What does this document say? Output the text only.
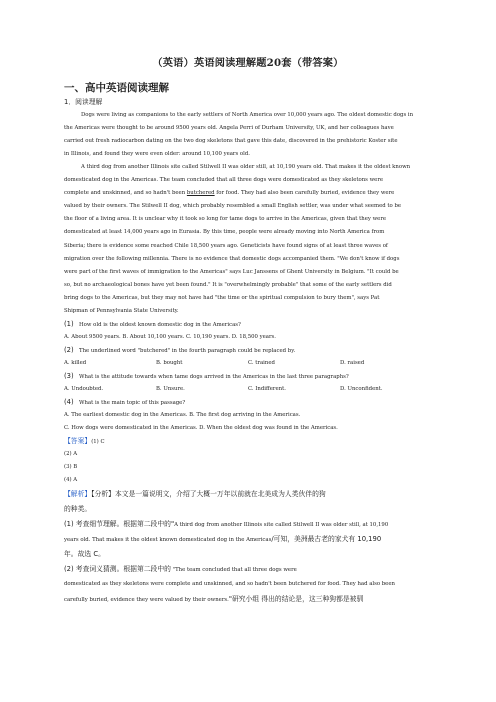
（英语）英语阅读理解题20套（带答案）
一、高中英语阅读理解
1．阅读理解
Dogs were living as companions to the early settlers of North America over 10,000 years ago. The oldest domestic dogs in
the Americas were thought to be around 9500 years old. Angela Perri of Durham University, UK, and her colleagues have
carried out fresh radiocarbon dating on the two dog skeletons that gave this date, discovered in the prehistoric Koster site
in Illinois, and found they were even older: around 10,100 years old.
A third dog from another Illinois site called Stilwell II was older still, at 10,190 years old. That makes it the oldest known
domesticated dog in the Americas. The team concluded that all three dogs were domesticated as they skeletons were
complete and unskinned, and so hadn't been butchered for food. They had also been carefully buried, evidence they were
valued by their owners. The Stilwell II dog, which probably resembled a small English settler, was under what seemed to be
the floor of a living area. It is unclear why it took so long for tame dogs to arrive in the Americas, given that they were
domesticated at least 14,000 years ago in Eurasia. By this time, people were already moving into North America from
Siberia; there is evidence some reached Chile 18,500 years ago. Geneticists have found signs of at least three waves of
migration over the following millennia. There is no evidence that domestic dogs accompanied them. "We don't know if dogs
were part of the first waves of immigration to the Americas" says Luc Janssens of Ghent University in Belgium. "It could be
so, but no archaeological bones have yet been found." It is "overwhelmingly probable" that some of the early settlers did
bring dogs to the Americas, but they may not have had "the time or the spiritual compulsion to bury them", says Pat
Shipman of Pennsylvania State University.
(1) How old is the oldest known domestic dog in the Americas?
A. About 9500 years. B. About 10,100 years. C. 10,190 years. D. 18,500 years.
(2) The underlined word "butchered" in the fourth paragraph could be replaced by.
A. killed	B. bought	C. trained	D. raised
(3) What is the attitude towards when tame dogs arrived in the Americas in the last three paragraphs?
A. Undoubted.	B. Unsure.	C. Indifferent.	D. Unconfident.
(4) What is the main topic of this passage?
A. The earliest domestic dog in the Americas. B. The first dog arriving in the Americas.
C. How dogs were domesticated in the Americas. D. When the oldest dog was found in the Americas.
【答案】(1) C
(2) A
(3) B
(4) A
【解析】【分析】本文是一篇说明文，介绍了大概一万年以前就在北美成为人类伙伴的狗
的种类。
(1) 考查细节理解。根据第二段中的"A third dog from another Illinois site called Stilwell II was older still, at 10,190
years old. That makes it the oldest known domesticated dog in the Americas/可知，美洲最古老的家犬有 10,190
年。故选 C。
(2) 考查词义猜测。根据第二段中的 "The team concluded that all three dogs were
domesticated as they skeletons were complete and unskinned, and so hadn't been butchered for food. They had also been
carefully buried, evidence they were valued by their owners."研究小组 得出的结论是，这三种狗都是被驯
